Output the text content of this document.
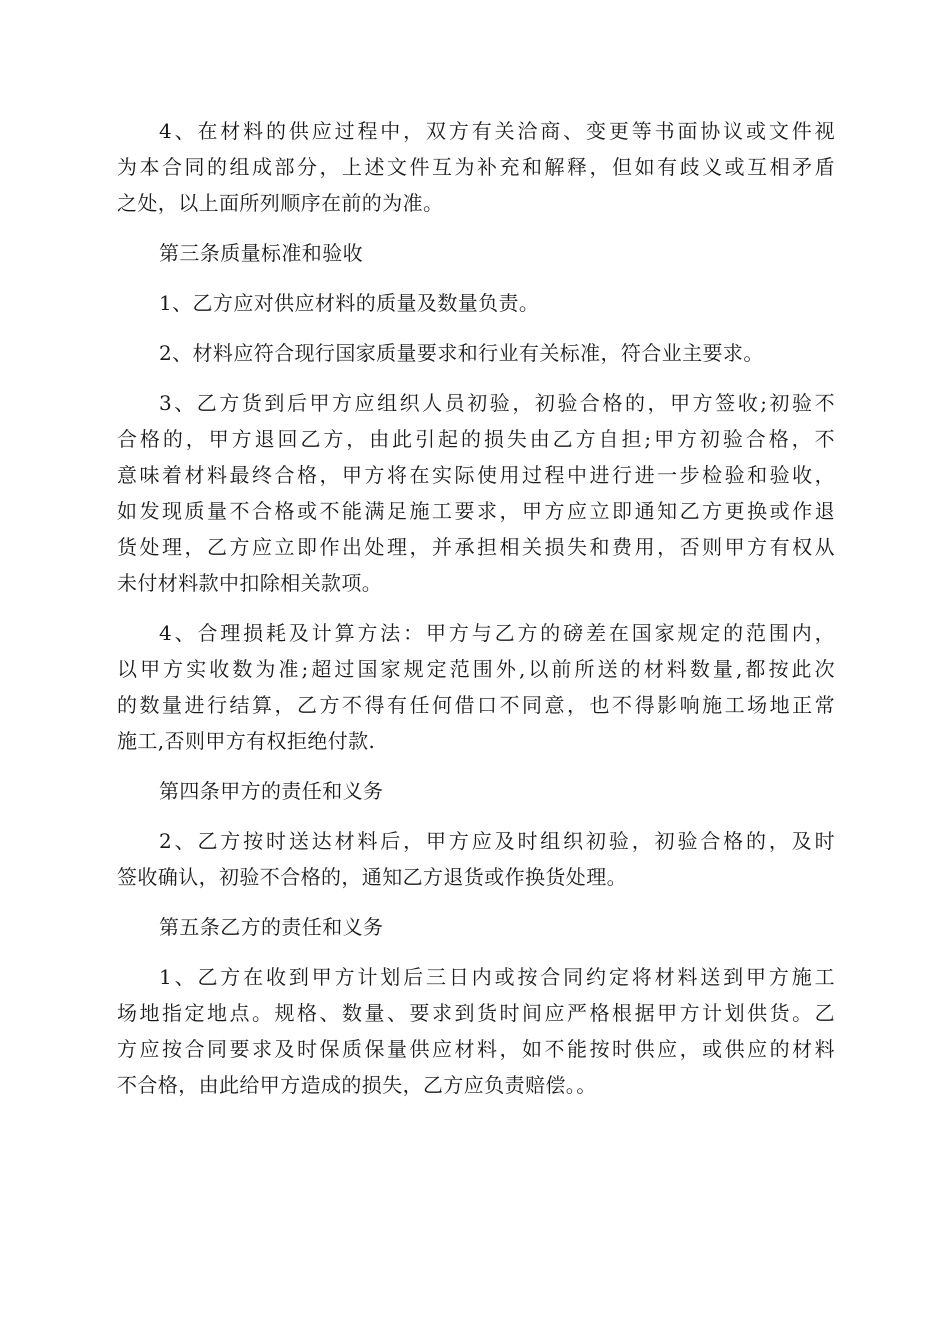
4、在材料的供应过程中，双方有关洽商、变更等书面协议或文件视
为本合同的组成部分，上述文件互为补充和解释，但如有歧义或互相矛盾
之处，以上面所列顺序在前的为准。
第三条质量标准和验收
1、乙方应对供应材料的质量及数量负责。
2、材料应符合现行国家质量要求和行业有关标准，符合业主要求。
3、乙方货到后甲方应组织人员初验，初验合格的，甲方签收;初验不
合格的，甲方退回乙方，由此引起的损失由乙方自担;甲方初验合格，不
意味着材料最终合格，甲方将在实际使用过程中进行进一步检验和验收，
如发现质量不合格或不能满足施工要求，甲方应立即通知乙方更换或作退
货处理，乙方应立即作出处理，并承担相关损失和费用，否则甲方有权从
未付材料款中扣除相关款项。
4、合理损耗及计算方法：甲方与乙方的磅差在国家规定的范围内，
以甲方实收数为准;超过国家规定范围外,以前所送的材料数量,都按此次
的数量进行结算，乙方不得有任何借口不同意，也不得影响施工场地正常
施工,否则甲方有权拒绝付款.
第四条甲方的责任和义务
2、乙方按时送达材料后，甲方应及时组织初验，初验合格的，及时
签收确认，初验不合格的，通知乙方退货或作换货处理。
第五条乙方的责任和义务
1、乙方在收到甲方计划后三日内或按合同约定将材料送到甲方施工
场地指定地点。规格、数量、要求到货时间应严格根据甲方计划供货。乙
方应按合同要求及时保质保量供应材料，如不能按时供应，或供应的材料
不合格，由此给甲方造成的损失，乙方应负责赔偿。。
